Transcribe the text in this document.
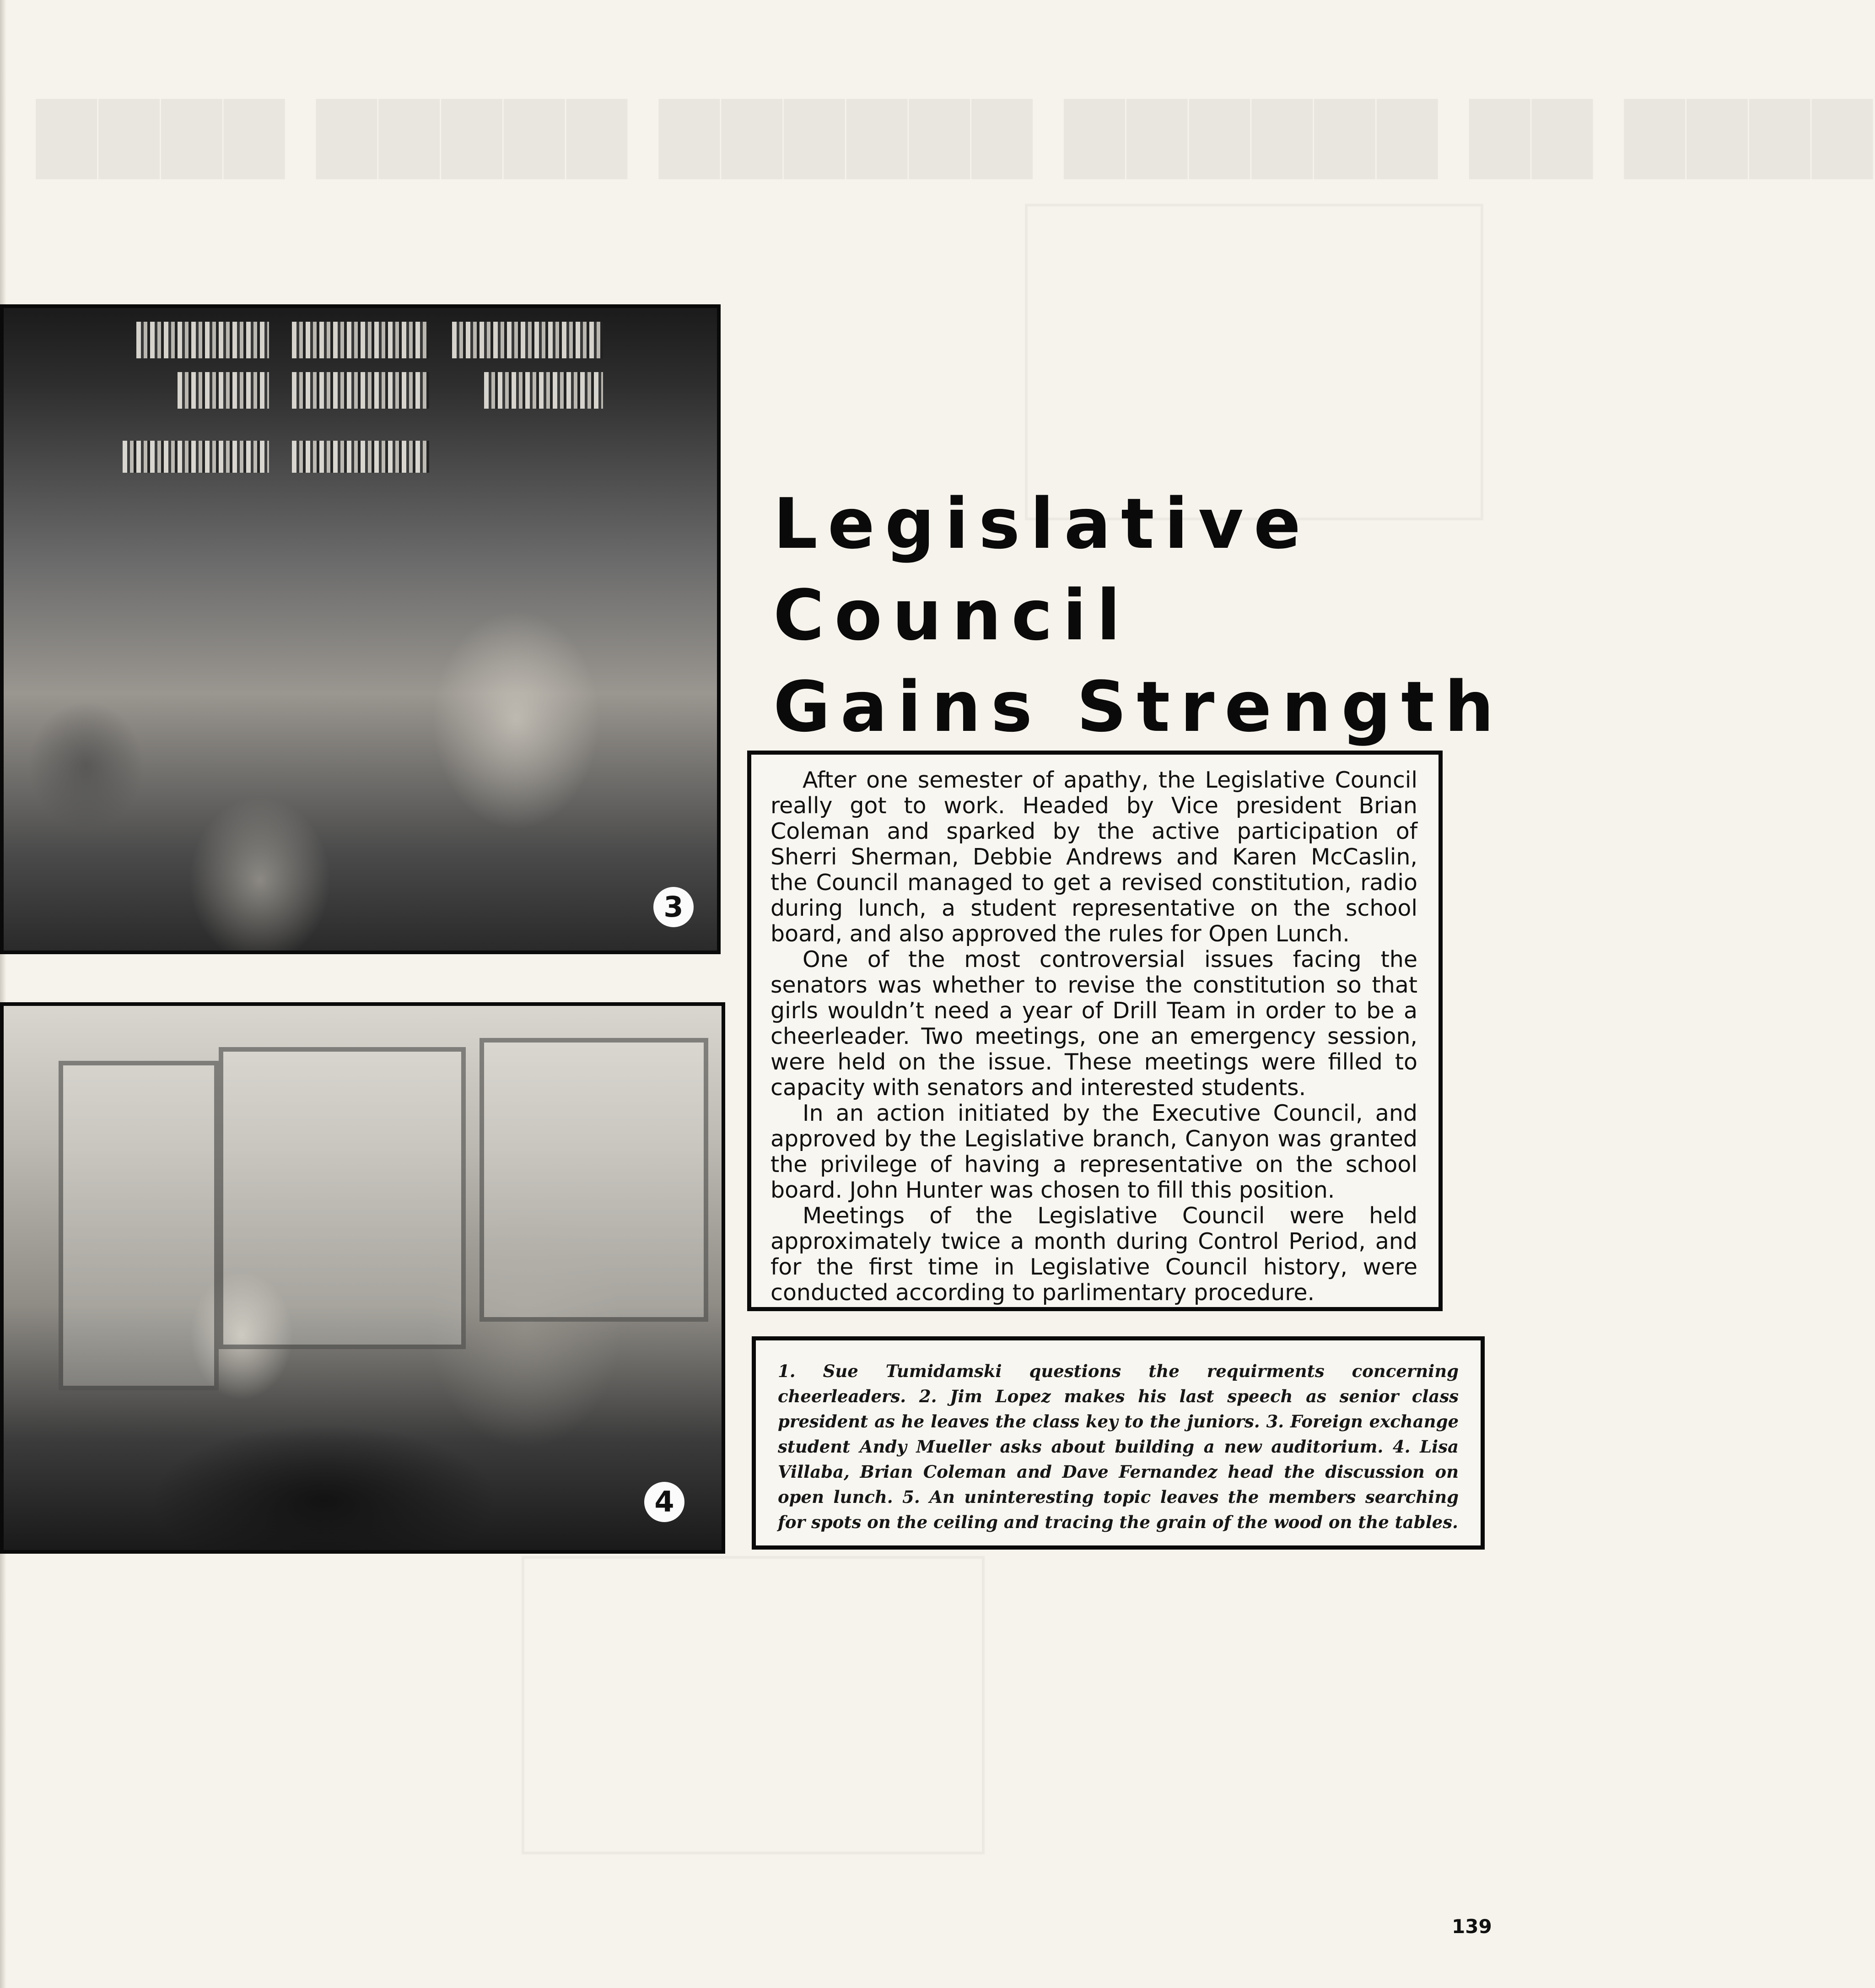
▇▇▇▇ ▇▇▇▇▇ ▇▇▇▇▇▇ ▇▇▇▇▇▇ ▇▇ ▇▇▇▇
3
4
Legislative
Council
Gains Strength

After one semester of apathy, the Legislative Council really got to work. Headed by Vice president Brian Coleman and sparked by the active participation of Sherri Sherman, Debbie Andrews and Karen McCaslin, the Council managed to get a revised constitution, radio during lunch, a student representative on the school board, and also approved the rules for Open Lunch.

One of the most controversial issues facing the senators was whether to revise the constitution so that girls wouldn’t need a year of Drill Team in order to be a cheerleader. Two meetings, one an emergency session, were held on the issue. These meetings were filled to capacity with senators and interested students.

In an action initiated by the Executive Council, and approved by the Legislative branch, Canyon was granted the privilege of having a representative on the school board. John Hunter was chosen to fill this position.

Meetings of the Legislative Council were held approximately twice a month during Control Period, and for the first time in Legislative Council history, were conducted according to parlimentary procedure.

1. Sue Tumidamski questions the requirments concerning cheerleaders. 2. Jim Lopez makes his last speech as senior class president as he leaves the class key to the juniors. 3. Foreign exchange student Andy Mueller asks about building a new auditorium. 4. Lisa Villaba, Brian Coleman and Dave Fernandez head the discussion on open lunch. 5. An uninteresting topic leaves the members searching for spots on the ceiling and tracing the grain of the wood on the tables.

139
